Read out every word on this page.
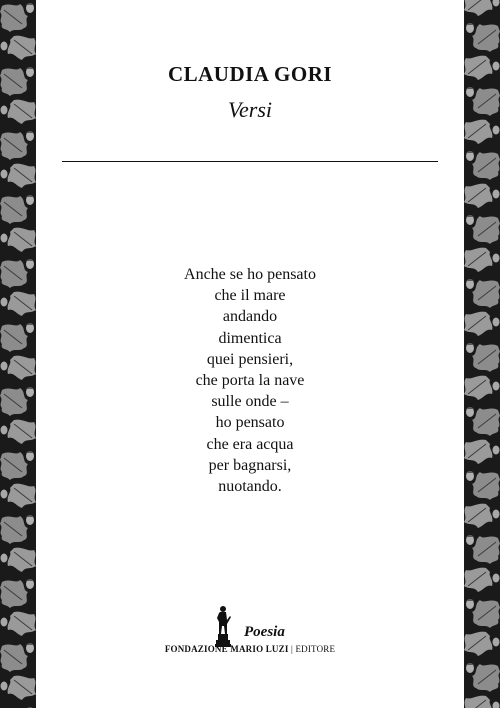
CLAUDIA GORI
Versi
Anche se ho pensato
che il mare
andando
dimentica
quei pensieri,
che porta la nave
sulle onde –
ho pensato
che era acqua
per bagnarsi,
nuotando.
Poesia
FONDAZIONE MARIO LUZI | EDITORE
